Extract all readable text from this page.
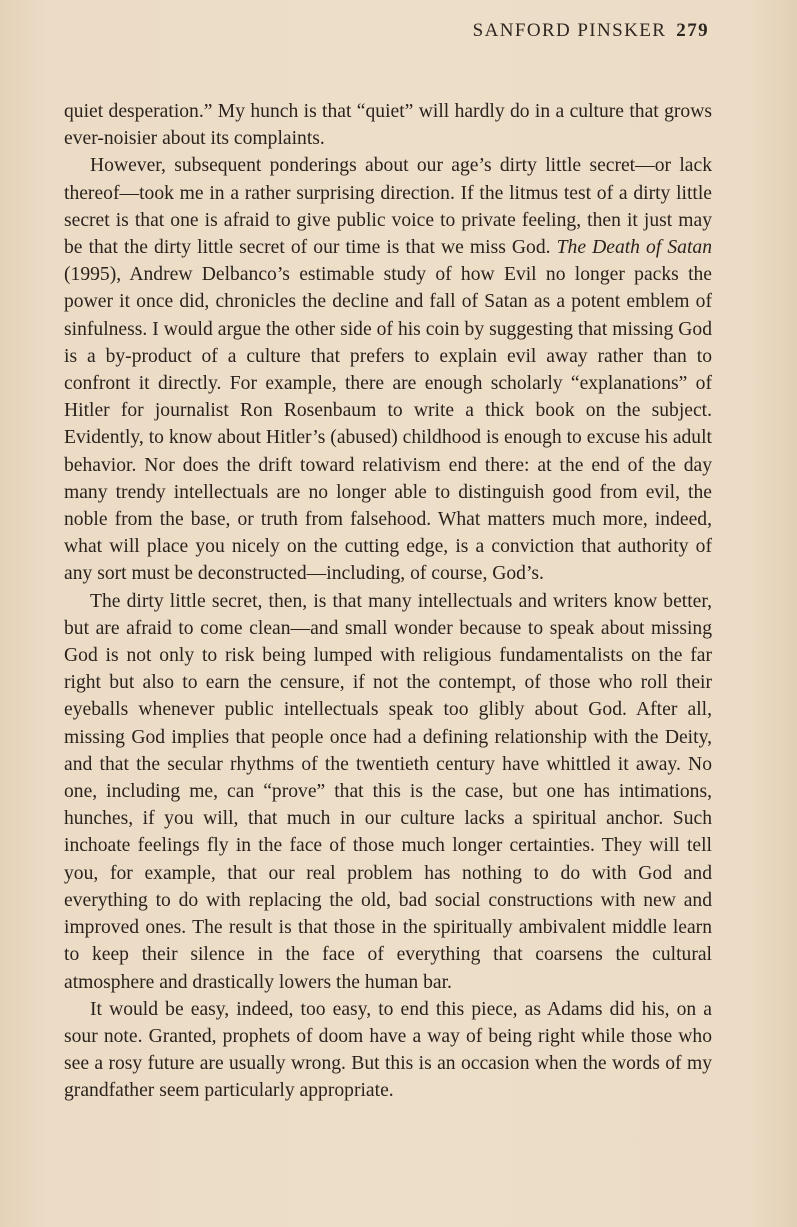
SANFORD PINSKER 279

quiet desperation.” My hunch is that “quiet” will hardly do in a culture that grows ever-noisier about its complaints.

However, subsequent ponderings about our age’s dirty little secret—or lack thereof—took me in a rather surprising direction. If the litmus test of a dirty little secret is that one is afraid to give public voice to private feeling, then it just may be that the dirty little secret of our time is that we miss God. The Death of Satan (1995), Andrew Delbanco’s estimable study of how Evil no longer packs the power it once did, chronicles the decline and fall of Satan as a potent emblem of sinfulness. I would argue the other side of his coin by suggesting that missing God is a by-product of a culture that prefers to explain evil away rather than to confront it directly. For example, there are enough scholarly “explanations” of Hitler for journalist Ron Rosenbaum to write a thick book on the subject. Evidently, to know about Hitler’s (abused) childhood is enough to excuse his adult behavior. Nor does the drift toward relativism end there: at the end of the day many trendy intellectuals are no longer able to distinguish good from evil, the noble from the base, or truth from falsehood. What matters much more, indeed, what will place you nicely on the cutting edge, is a conviction that authority of any sort must be deconstructed—including, of course, God’s.

The dirty little secret, then, is that many intellectuals and writers know better, but are afraid to come clean—and small wonder because to speak about missing God is not only to risk being lumped with religious fundamentalists on the far right but also to earn the censure, if not the contempt, of those who roll their eyeballs whenever public intellectuals speak too glibly about God. After all, missing God implies that people once had a defining relationship with the Deity, and that the secular rhythms of the twentieth century have whittled it away. No one, including me, can “prove” that this is the case, but one has intimations, hunches, if you will, that much in our culture lacks a spiritual anchor. Such inchoate feelings fly in the face of those much longer certainties. They will tell you, for example, that our real problem has nothing to do with God and everything to do with replacing the old, bad social constructions with new and improved ones. The result is that those in the spiritually ambivalent middle learn to keep their silence in the face of everything that coarsens the cultural atmosphere and drastically lowers the human bar.

It would be easy, indeed, too easy, to end this piece, as Adams did his, on a sour note. Granted, prophets of doom have a way of being right while those who see a rosy future are usually wrong. But this is an occasion when the words of my grandfather seem particularly appropriate.
